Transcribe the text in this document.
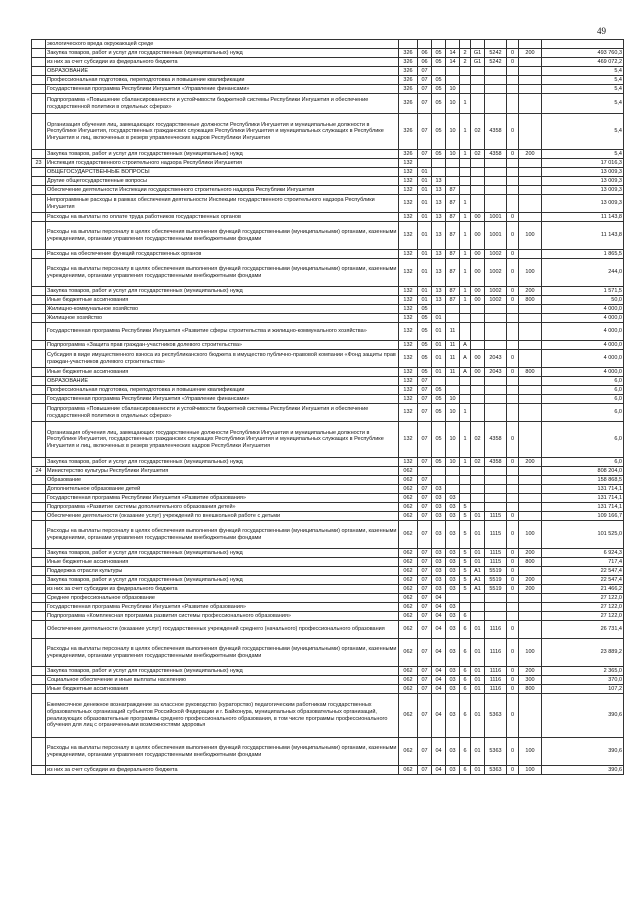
49
	экологического вреда окружающей среде										
	Закупка товаров, работ и услуг для государственных (муниципальных) нужд	326	06	05	14	2	G1	5242	0	200	493 760,3
	из них за счет субсидии из федерального бюджета	326	06	05	14	2	G1	5242	0		469 072,2
	ОБРАЗОВАНИЕ	326	07								5,4
	Профессиональная подготовка, переподготовка и повышение квалификации	326	07	05							5,4
	Государственная программа Республики Ингушетия «Управление финансами»	326	07	05	10						5,4
	Подпрограмма «Повышение сбалансированности и устойчивости бюджетной системы Республики Ингушетия и обеспечение государственной политики в отдельных сферах»	326	07	05	10	1					5,4
	Организация обучения лиц, замещающих государственные должности Республики Ингушетия и муниципальные должности в Республике Ингушетия, государственных гражданских служащих Республики Ингушетия и муниципальных служащих в Республике Ингушетия и лиц, включенных в резерв управленческих кадров Республики Ингушетия	326	07	05	10	1	02	4358	0		5,4
	Закупка товаров, работ и услуг для государственных (муниципальных) нужд	326	07	05	10	1	02	4358	0	200	5,4
23	Инспекция государственного строительного надзора Республики Ингушетия	132									17 016,3
	ОБЩЕГОСУДАРСТВЕННЫЕ ВОПРОСЫ	132	01								13 009,3
	Другие общегосударственные вопросы	132	01	13							13 009,3
	Обеспечение деятельности Инспекции государственного строительного надзора Республики Ингушетия	132	01	13	87						13 009,3
	Непрограммные расходы в рамках обеспечения деятельности Инспекции государственного строительного надзора Республики Ингушетия	132	01	13	87	1					13 009,3
	Расходы на выплаты по оплате труда работников государственных органов	132	01	13	87	1	00	1001	0		11 143,8
	Расходы на выплаты персоналу в целях обеспечения выполнения функций государственными (муниципальными) органами, казенными учреждениями, органами управления государственными внебюджетными фондами	132	01	13	87	1	00	1001	0	100	11 143,8
	Расходы на обеспечение функций государственных органов	132	01	13	87	1	00	1002	0		1 865,5
	Расходы на выплаты персоналу в целях обеспечения выполнения функций государственными (муниципальными) органами, казенными учреждениями, органами управления государственными внебюджетными фондами	132	01	13	87	1	00	1002	0	100	244,0
	Закупка товаров, работ и услуг для государственных (муниципальных) нужд	132	01	13	87	1	00	1002	0	200	1 571,5
	Иные бюджетные ассигнования	132	01	13	87	1	00	1002	0	800	50,0
	Жилищно-коммунальное хозяйство	132	05								4 000,0
	Жилищное хозяйство	132	05	01							4 000,0
	Государственная программа Республики Ингушетия «Развитие сферы строительства и жилищно-коммунального хозяйства»	132	05	01	11						4 000,0
	Подпрограмма «Защита прав граждан-участников долевого строительства»	132	05	01	11	А					4 000,0
	Субсидия в виде имущественного взноса из республиканского бюджета в имущество публично-правовой компании «Фонд защиты прав граждан-участников долевого строительства»	132	05	01	11	А	00	2043	0		4 000,0
	Иные бюджетные ассигнования	132	05	01	11	А	00	2043	0	800	4 000,0
	ОБРАЗОВАНИЕ	132	07								6,0
	Профессиональная подготовка, переподготовка и повышение квалификации	132	07	05							6,0
	Государственная программа Республики Ингушетия «Управление финансами»	132	07	05	10						6,0
	Подпрограмма «Повышение сбалансированности и устойчивости бюджетной системы Республики Ингушетия и обеспечение государственной политики в отдельных сферах»	132	07	05	10	1					6,0
	Организация обучения лиц, замещающих государственные должности Республики Ингушетия и муниципальные должности в Республике Ингушетия, государственных гражданских служащих Республики Ингушетия и муниципальных служащих в Республике Ингушетия и лиц, включенных в резерв управленческих кадров Республики Ингушетия	132	07	05	10	1	02	4358	0		6,0
	Закупка товаров, работ и услуг для государственных (муниципальных) нужд	132	07	05	10	1	02	4358	0	200	6,0
24	Министерство культуры Республики Ингушетия	062									808 204,0
	Образование	062	07								158 868,5
	Дополнительное образование детей	062	07	03							131 714,1
	Государственная программа Республики Ингушетия «Развитие образования»	062	07	03	03						131 714,1
	Подпрограмма «Развитие системы дополнительного образования детей»	062	07	03	03	5					131 714,1
	Обеспечение деятельности (оказание услуг) учреждений по внешкольной работе с детьми	062	07	03	03	5	01	1115	0		109 166,7
	Расходы на выплаты персоналу в целях обеспечения выполнения функций государственными (муниципальными) органами, казенными учреждениями, органами управления государственными внебюджетными фондами	062	07	03	03	5	01	1115	0	100	101 525,0
	Закупка товаров, работ и услуг для государственных (муниципальных) нужд	062	07	03	03	5	01	1115	0	200	6 924,3
	Иные бюджетные ассигнования	062	07	03	03	5	01	1115	0	800	717,4
	Поддержка отрасли культуры	062	07	03	03	5	А1	5519	0		22 547,4
	Закупка товаров, работ и услуг для государственных (муниципальных) нужд	062	07	03	03	5	А1	5519	0	200	22 547,4
	из них за счет субсидии из федерального бюджета	062	07	03	03	5	А1	5519	0	200	21 466,2
	Среднее профессиональное образование	062	07	04							27 122,0
	Государственная программа Республики Ингушетия «Развитие образования»	062	07	04	03						27 122,0
	Подпрограмма «Комплексная программа развития системы профессионального образования»	062	07	04	03	6					27 122,0
	Обеспечение деятельности (оказание услуг) государственных учреждений среднего (начального) профессионального образования	062	07	04	03	6	01	1116	0		26 731,4
	Расходы на выплаты персоналу в целях обеспечения выполнения функций государственными (муниципальными) органами, казенными учреждениями, органами управления государственными внебюджетными фондами	062	07	04	03	6	01	1116	0	100	23 889,2
	Закупка товаров, работ и услуг для государственных (муниципальных) нужд	062	07	04	03	6	01	1116	0	200	2 365,0
	Социальное обеспечение и иные выплаты населению	062	07	04	03	6	01	1116	0	300	370,0
	Иные бюджетные ассигнования	062	07	04	03	6	01	1116	0	800	107,2
	Ежемесячное денежное вознаграждение за классное руководство (кураторство) педагогическим работникам государственных образовательных организаций субъектов Российской Федерации и г. Байконура, муниципальных образовательных организаций, реализующих образовательные программы среднего профессионального образования, в том числе программы профессионального обучения для лиц с ограниченными возможностями здоровья	062	07	04	03	6	01	5363	0		390,6
	Расходы на выплаты персоналу в целях обеспечения выполнения функций государственными (муниципальными) органами, казенными учреждениями, органами управления государственными внебюджетными фондами	062	07	04	03	6	01	5363	0	100	390,6
	из них за счет субсидии из федерального бюджета	062	07	04	03	6	01	5363	0	100	390,6
